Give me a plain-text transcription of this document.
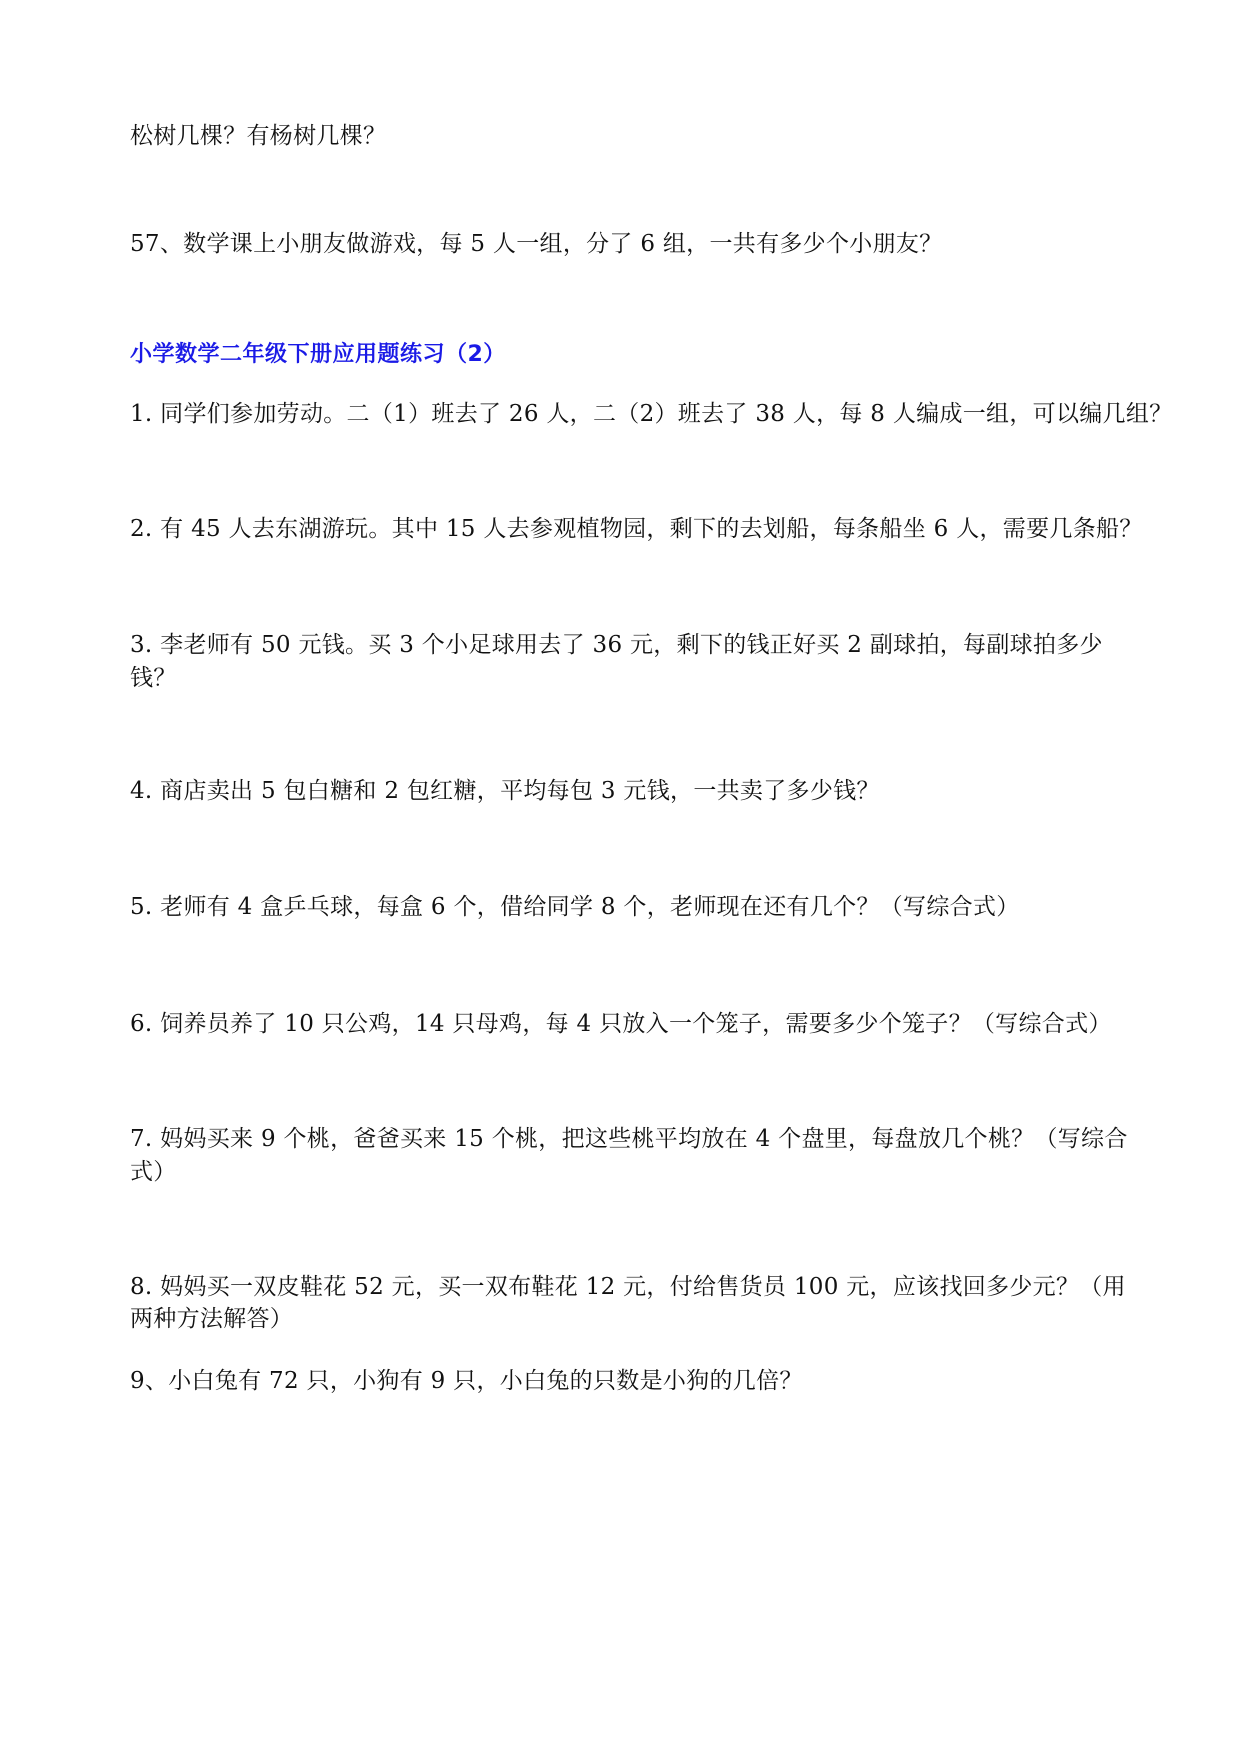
松树几棵？有杨树几棵？
57、数学课上小朋友做游戏，每 5 人一组，分了 6 组，一共有多少个小朋友？
小学数学二年级下册应用题练习（2）
1. 同学们参加劳动。二（1）班去了 26 人，二（2）班去了 38 人，每 8 人编成一组，可以编几组？
2. 有 45 人去东湖游玩。其中 15 人去参观植物园，剩下的去划船，每条船坐 6 人，需要几条船？
3. 李老师有 50 元钱。买 3 个小足球用去了 36 元，剩下的钱正好买 2 副球拍，每副球拍多少
钱？
4. 商店卖出 5 包白糖和 2 包红糖，平均每包 3 元钱，一共卖了多少钱？
5. 老师有 4 盒乒乓球，每盒 6 个，借给同学 8 个，老师现在还有几个？（写综合式）
6. 饲养员养了 10 只公鸡，14 只母鸡，每 4 只放入一个笼子，需要多少个笼子？（写综合式）
7. 妈妈买来 9 个桃，爸爸买来 15 个桃，把这些桃平均放在 4 个盘里，每盘放几个桃？（写综合
式）
8. 妈妈买一双皮鞋花 52 元，买一双布鞋花 12 元，付给售货员 100 元，应该找回多少元？（用
两种方法解答）
9、小白兔有 72 只，小狗有 9 只，小白兔的只数是小狗的几倍？
